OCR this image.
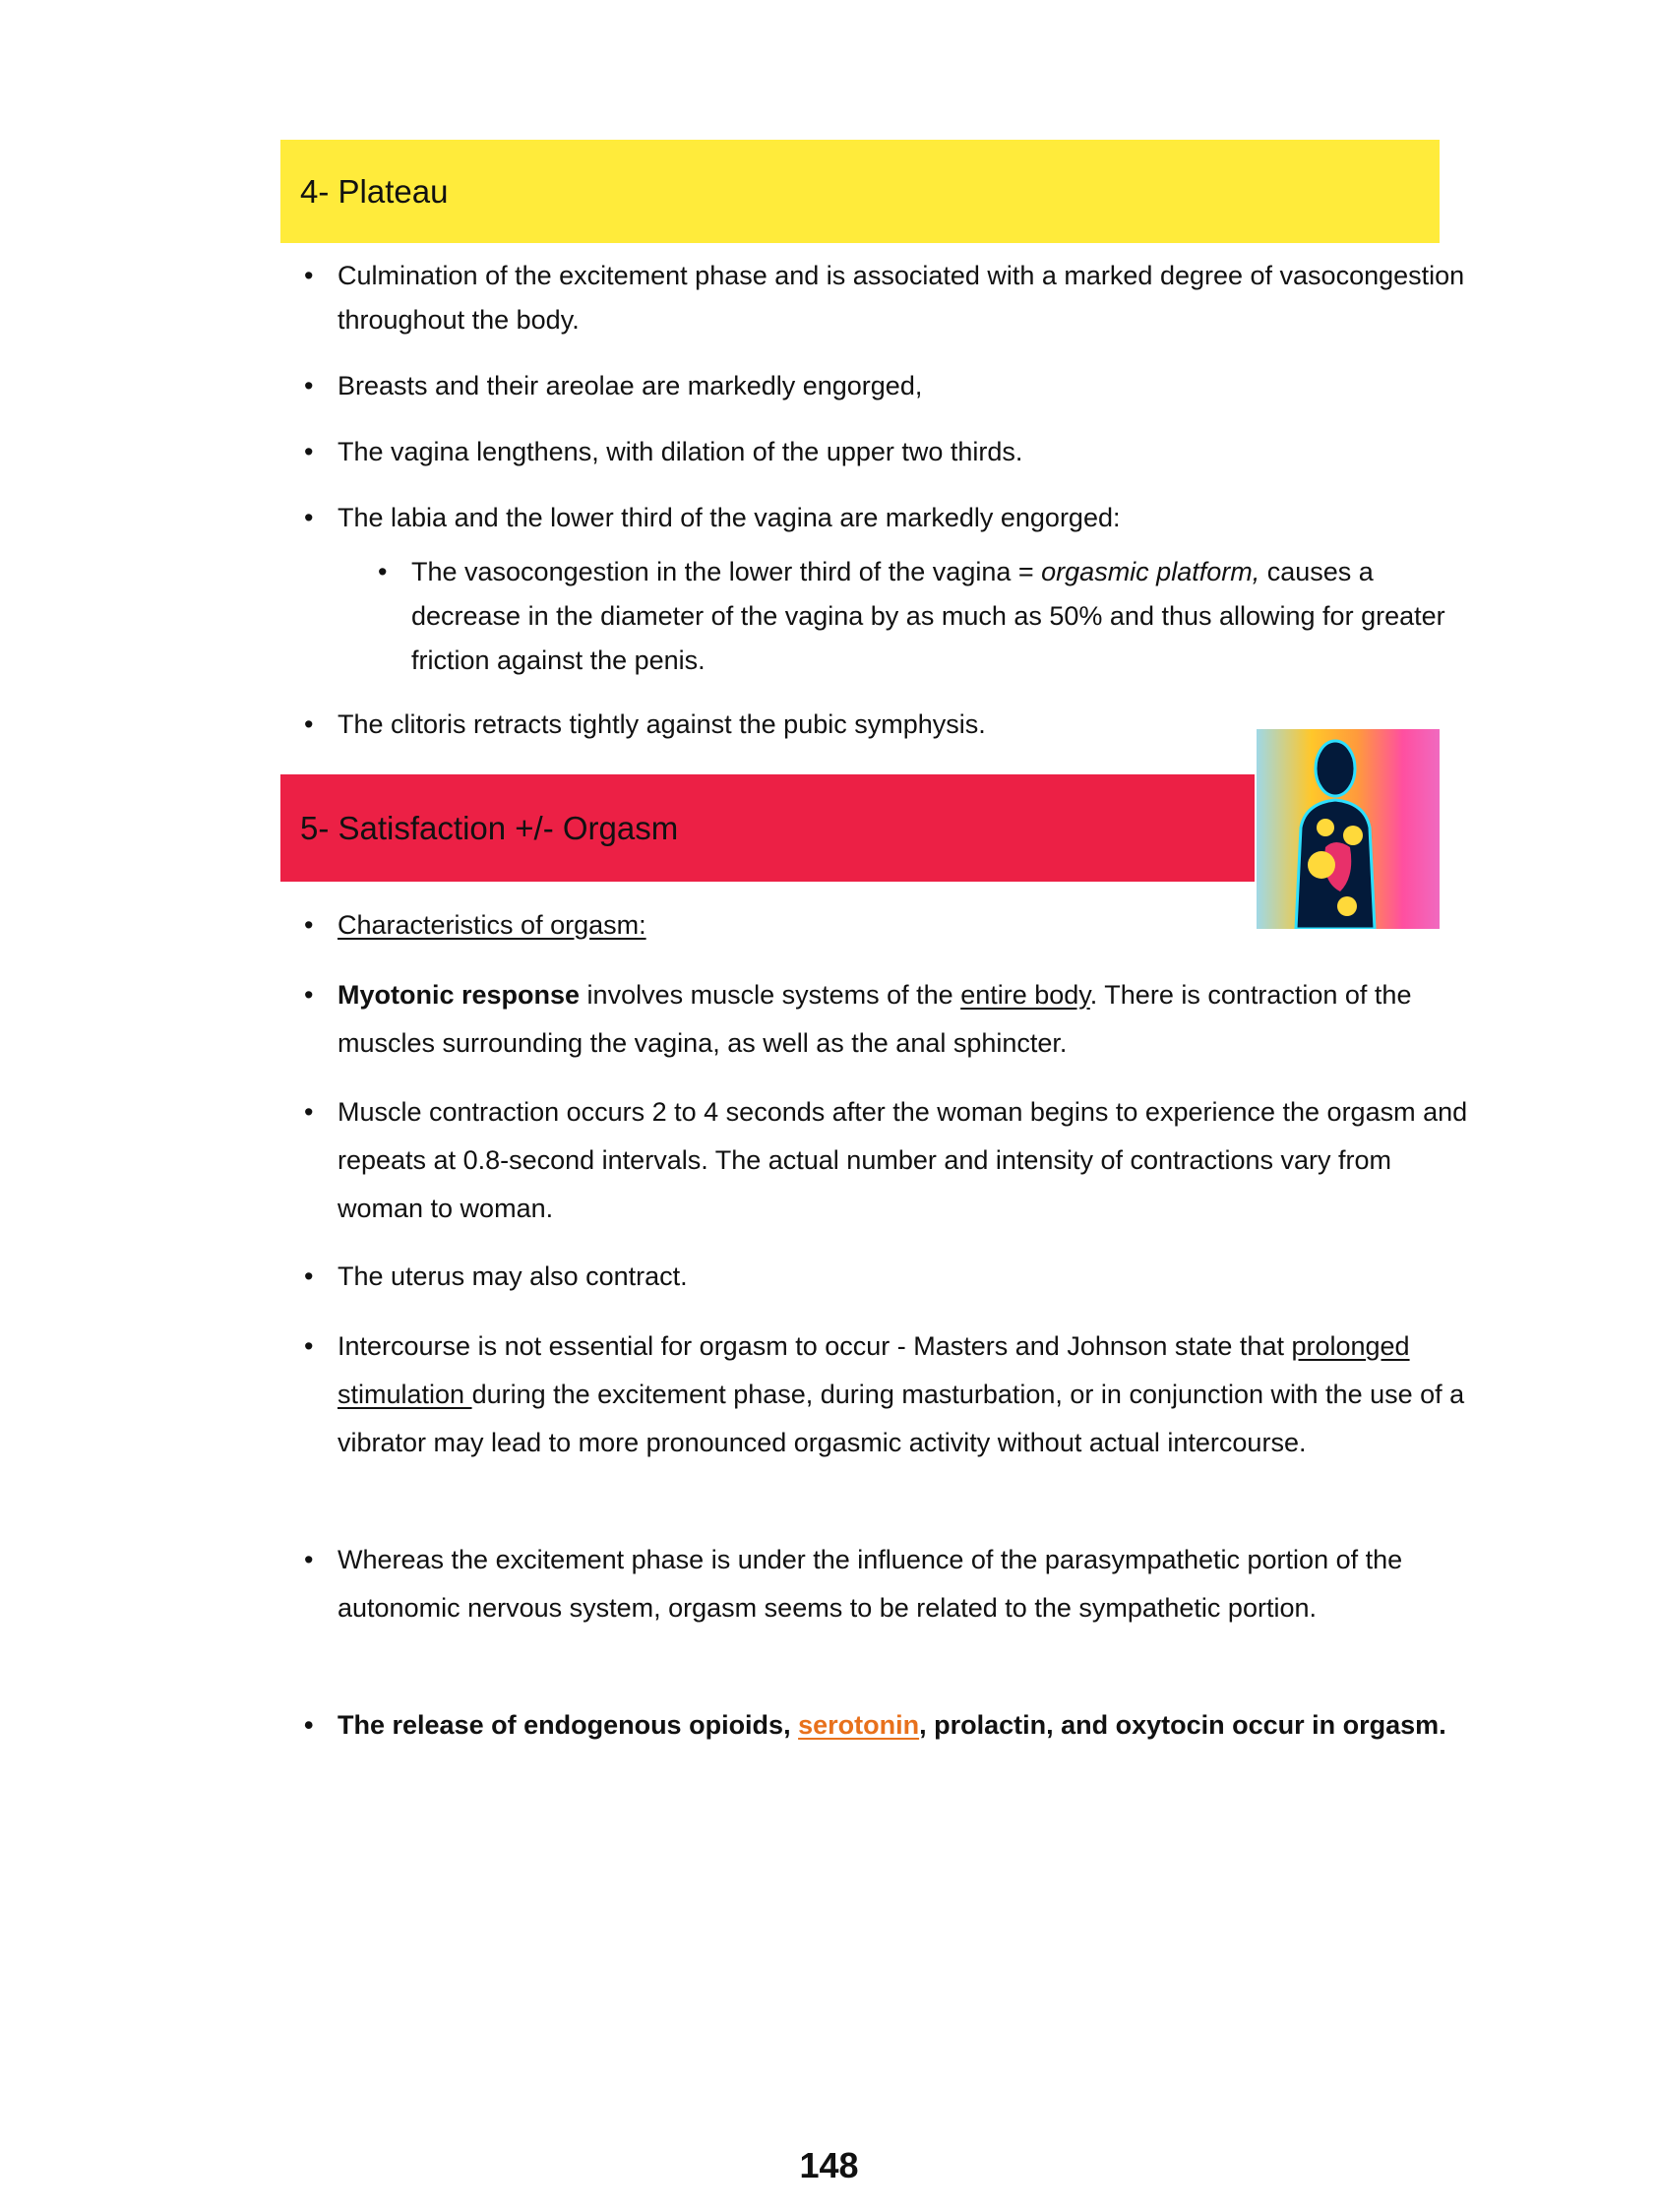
4- Plateau
• Culmination of the excitement phase and is associated with a marked degree of vasocongestion throughout the body.
• Breasts and their areolae are markedly engorged,
• The vagina lengthens, with dilation of the upper two thirds.
• The labia and the lower third of the vagina are markedly engorged:
• The vasocongestion in the lower third of the vagina = orgasmic platform, causes a decrease in the diameter of the vagina by as much as 50% and thus allowing for greater friction against the penis.
• The clitoris retracts tightly against the pubic symphysis.
5- Satisfaction +/- Orgasm
• Characteristics of orgasm:
• Myotonic response involves muscle systems of the entire body. There is contraction of the muscles surrounding the vagina, as well as the anal sphincter.
• Muscle contraction occurs 2 to 4 seconds after the woman begins to experience the orgasm and repeats at 0.8-second intervals. The actual number and intensity of contractions vary from woman to woman.
• The uterus may also contract.
• Intercourse is not essential for orgasm to occur - Masters and Johnson state that prolonged stimulation during the excitement phase, during masturbation, or in conjunction with the use of a vibrator may lead to more pronounced orgasmic activity without actual intercourse.
• Whereas the excitement phase is under the influence of the parasympathetic portion of the autonomic nervous system, orgasm seems to be related to the sympathetic portion.
• The release of endogenous opioids, serotonin, prolactin, and oxytocin occur in orgasm.
148
